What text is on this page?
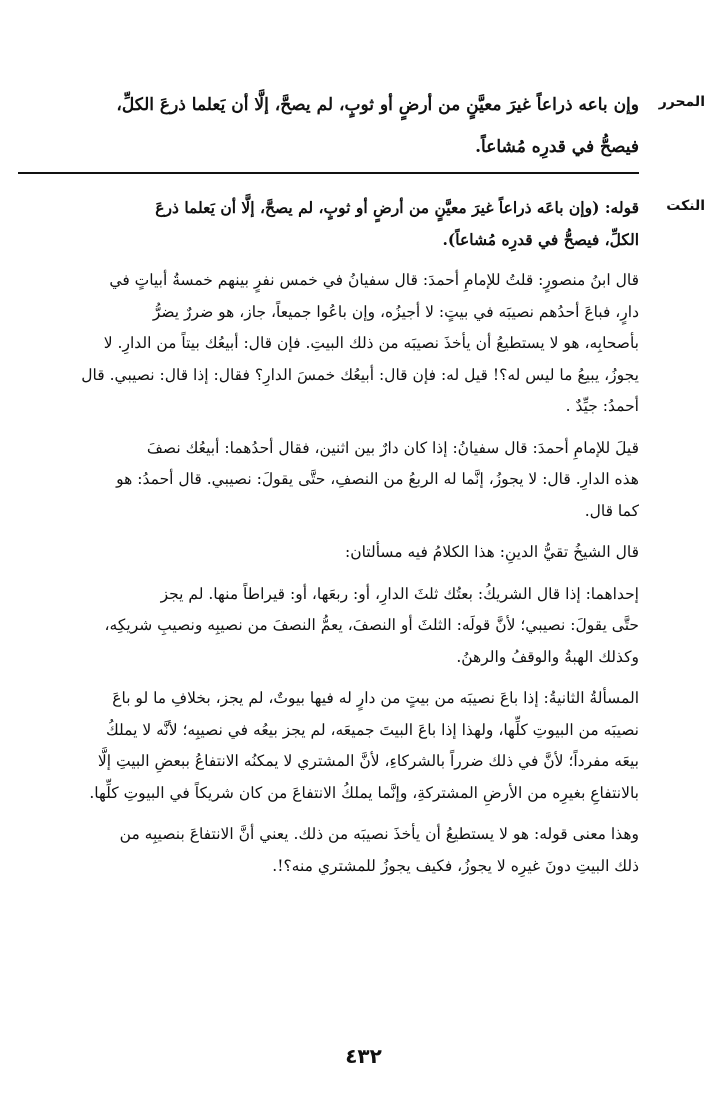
المحرر
وإن باعه ذراعاً غيرَ معيَّنٍ من أرضٍ أو ثوبٍ، لم يصحَّ، إلَّا أن يَعلما ذرعَ الكلِّ،
فيصحُّ في قدرِه مُشاعاً.
النكت
قوله: (وإن باعَه ذراعاً غيرَ معيَّنٍ من أرضٍ أو ثوبٍ، لم يصحَّ، إلَّا أن يَعلما ذرعَ
الكلِّ، فيصحُّ في قدرِه مُشاعاً).
قال ابنُ منصورٍ: قلتُ للإمامِ أحمدَ: قال سفيانُ في خمس نفرٍ بينهم خمسةُ أبياتٍ في
دارٍ، فباعَ أحدُهم نصيبَه في بيتٍ: لا أجيزُه، وإن باعُوا جميعاً، جاز، هو ضررٌ يضرُّ
بأصحابِه، هو لا يستطيعُ أن يأخذَ نصيبَه من ذلك البيتِ. فإن قال: أبيعُك بيتاً من الدارِ. لا
يجوزُ، يبيعُ ما ليس له؟! قيل له: فإن قال: أبيعُك خمسَ الدارِ؟ فقال: إذا قال: نصيبي. قال
أحمدُ: جيِّدٌ .
قيلَ للإمامِ أحمدَ: قال سفيانُ: إذا كان دارٌ بين اثنين، فقال أحدُهما: أبيعُك نصفَ
هذه الدارِ. قال: لا يجوزُ، إنَّما له الربعُ من النصفِ، حتَّى يقولَ: نصيبي. قال أحمدُ: هو
كما قال.
قال الشيخُ تقيُّ الدينِ: هذا الكلامُ فيه مسألتان:
إحداهما: إذا قال الشريكُ: بعتُك ثلثَ الدارِ، أو: ربعَها، أو: قيراطاً منها. لم يجز
حتَّى يقولَ: نصيبي؛ لأنَّ قولَه: الثلثَ أو النصفَ، يعمُّ النصفَ من نصيبِه ونصيبِ شريكِه،
وكذلك الهبةُ والوقفُ والرهنُ.
المسألةُ الثانيةُ: إذا باعَ نصيبَه من بيتٍ من دارٍ له فيها بيوتٌ، لم يجز، بخلافِ ما لو باعَ
نصيبَه من البيوتِ كلِّها، ولهذا إذا باعَ البيتَ جميعَه، لم يجز بيعُه في نصيبِه؛ لأنَّه لا يملكُ
بيعَه مفرداً؛ لأنَّ في ذلك ضرراً بالشركاءِ، لأنَّ المشتري لا يمكنُه الانتفاعُ ببعضِ البيتِ إلَّا
بالانتفاعِ بغيرِه من الأرضِ المشتركةِ، وإنَّما يملكُ الانتفاعَ من كان شريكاً في البيوتِ كلِّها.
وهذا معنى قوله: هو لا يستطيعُ أن يأخذَ نصيبَه من ذلك. يعني أنَّ الانتفاعَ بنصيبِه من
ذلك البيتِ دونَ غيرِه لا يجوزُ، فكيف يجوزُ للمشتري منه؟!.
٤٣٢
